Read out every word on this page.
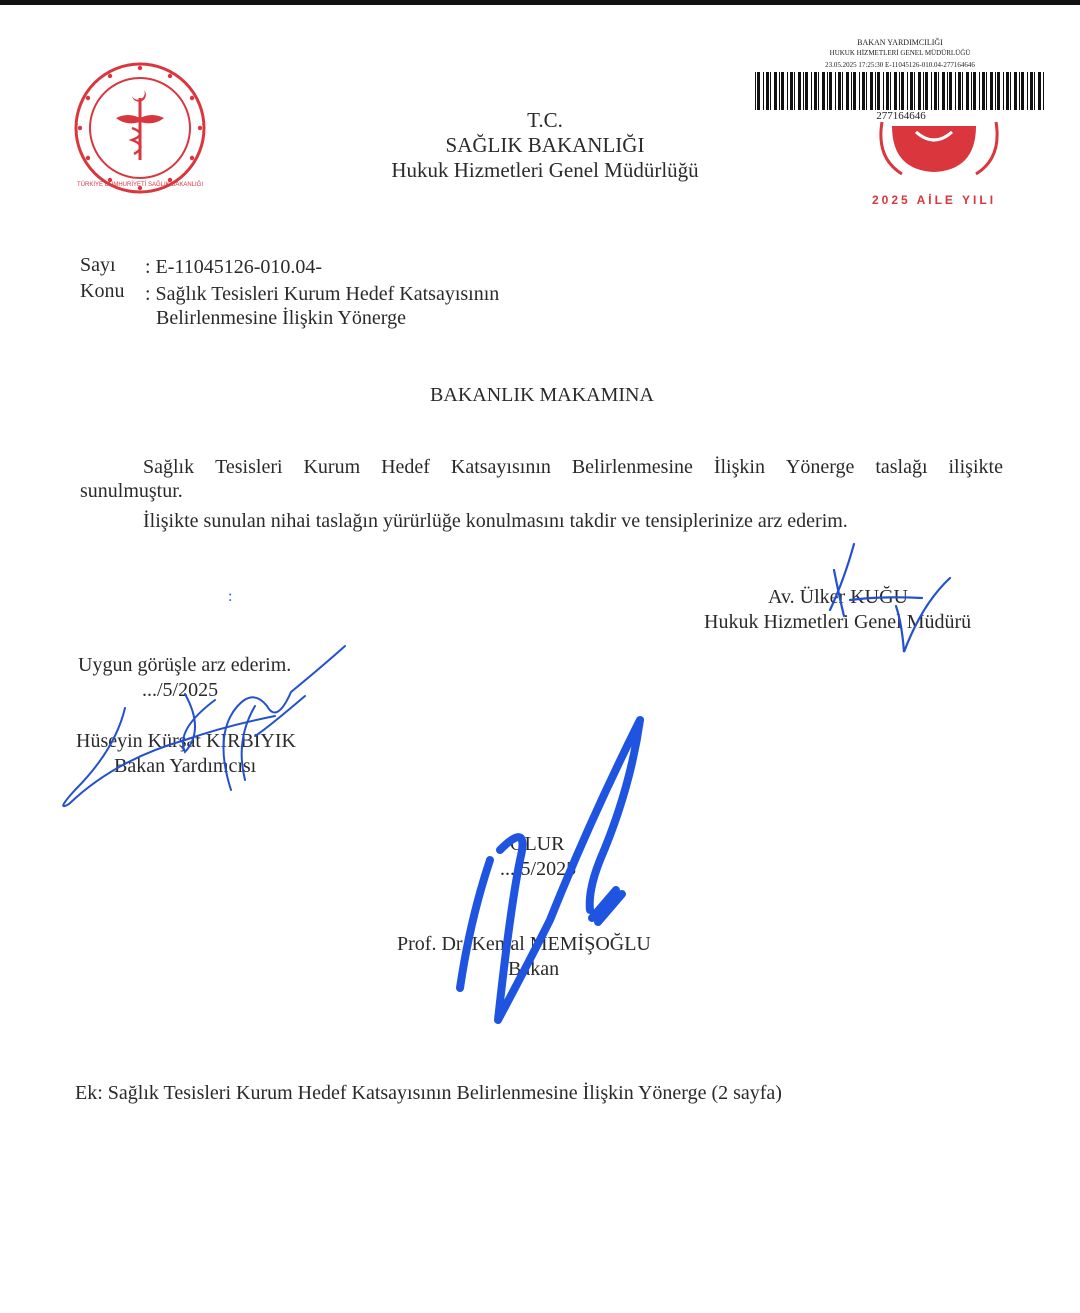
TÜRKİYE CUMHURİYETİ SAĞLIK BAKANLIĞI
2025 AİLE YILI
BAKAN YARDIMCILIĞI
HUKUK HİZMETLERİ GENEL MÜDÜRLÜĞÜ
23.05.2025 17:25:30 E-11045126-010.04-277164646
277164646
T.C.
SAĞLIK BAKANLIĞI
Hukuk Hizmetleri Genel Müdürlüğü
Sayı : E-11045126-010.04-
Konu : Sağlık Tesisleri Kurum Hedef Katsayısının
Belirlenmesine İlişkin Yönerge
BAKANLIK MAKAMINA
Sağlık Tesisleri Kurum Hedef Katsayısının Belirlenmesine İlişkin Yönerge taslağı ilişikte
sunulmuştur.
İlişikte sunulan nihai taslağın yürürlüğe konulmasını takdir ve tensiplerinize arz ederim.
Av. Ülker KUĞU
Hukuk Hizmetleri Genel Müdürü
:
Uygun görüşle arz ederim.
.../5/2025
Hüseyin Kürşat KIRBIYIK
Bakan Yardımcısı
OLUR
.../5/2025
Prof. Dr. Kemal MEMİŞOĞLU
Bakan
Ek: Sağlık Tesisleri Kurum Hedef Katsayısının Belirlenmesine İlişkin Yönerge (2 sayfa)
